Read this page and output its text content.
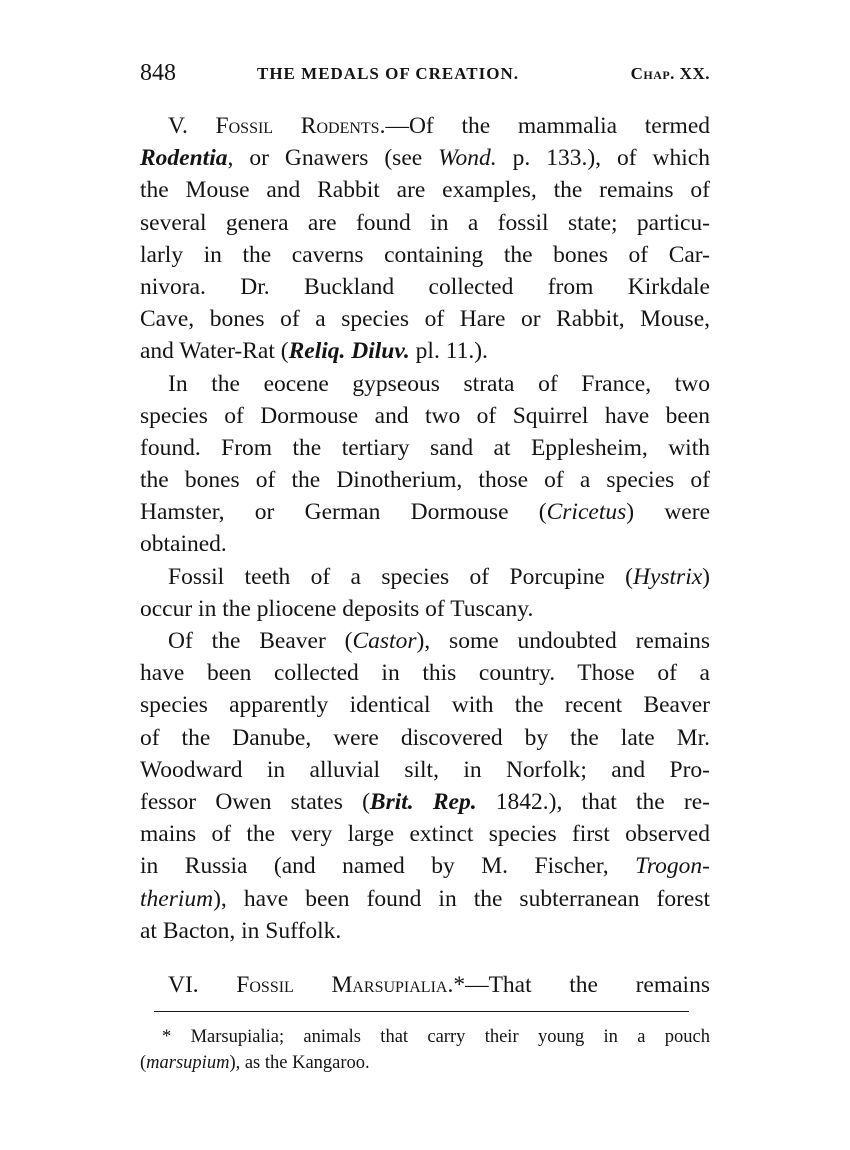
848	THE MEDALS OF CREATION.	Chap. XX.
V. Fossil Rodents.—Of the mammalia termed
Rodentia, or Gnawers (see Wond. p. 133.), of which
the Mouse and Rabbit are examples, the remains of
several genera are found in a fossil state; particu-
larly in the caverns containing the bones of Car-
nivora. Dr. Buckland collected from Kirkdale
Cave, bones of a species of Hare or Rabbit, Mouse,
and Water-Rat (Reliq. Diluv. pl. 11.).
In the eocene gypseous strata of France, two
species of Dormouse and two of Squirrel have been
found. From the tertiary sand at Epplesheim, with
the bones of the Dinotherium, those of a species of
Hamster, or German Dormouse (Cricetus) were
obtained.
Fossil teeth of a species of Porcupine (Hystrix)
occur in the pliocene deposits of Tuscany.
Of the Beaver (Castor), some undoubted remains
have been collected in this country. Those of a
species apparently identical with the recent Beaver
of the Danube, were discovered by the late Mr.
Woodward in alluvial silt, in Norfolk; and Pro-
fessor Owen states (Brit. Rep. 1842.), that the re-
mains of the very large extinct species first observed
in Russia (and named by M. Fischer, Trogon-
therium), have been found in the subterranean forest
at Bacton, in Suffolk.
VI. Fossil Marsupialia.*—That the remains
* Marsupialia; animals that carry their young in a pouch
(marsupium), as the Kangaroo.
